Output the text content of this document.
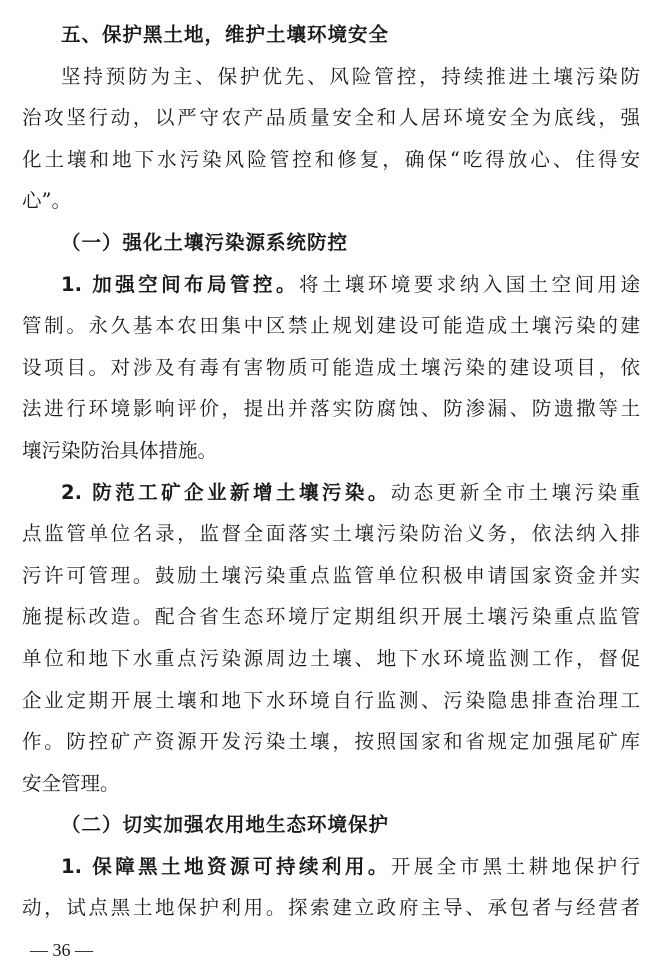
五、保护黑土地，维护土壤环境安全
坚持预防为主、保护优先、风险管控，持续推进土壤污染防
治攻坚行动，以严守农产品质量安全和人居环境安全为底线，强
化土壤和地下水污染风险管控和修复，确保“吃得放心、住得安
心”。
（一）强化土壤污染源系统防控
1. 加强空间布局管控。将土壤环境要求纳入国土空间用途
管制。永久基本农田集中区禁止规划建设可能造成土壤污染的建
设项目。对涉及有毒有害物质可能造成土壤污染的建设项目，依
法进行环境影响评价，提出并落实防腐蚀、防渗漏、防遗撒等土
壤污染防治具体措施。
2. 防范工矿企业新增土壤污染。动态更新全市土壤污染重
点监管单位名录，监督全面落实土壤污染防治义务，依法纳入排
污许可管理。鼓励土壤污染重点监管单位积极申请国家资金并实
施提标改造。配合省生态环境厅定期组织开展土壤污染重点监管
单位和地下水重点污染源周边土壤、地下水环境监测工作，督促
企业定期开展土壤和地下水环境自行监测、污染隐患排查治理工
作。防控矿产资源开发污染土壤，按照国家和省规定加强尾矿库
安全管理。
（二）切实加强农用地生态环境保护
1. 保障黑土地资源可持续利用。开展全市黑土耕地保护行
动，试点黑土地保护利用。探索建立政府主导、承包者与经营者
— 36 —
